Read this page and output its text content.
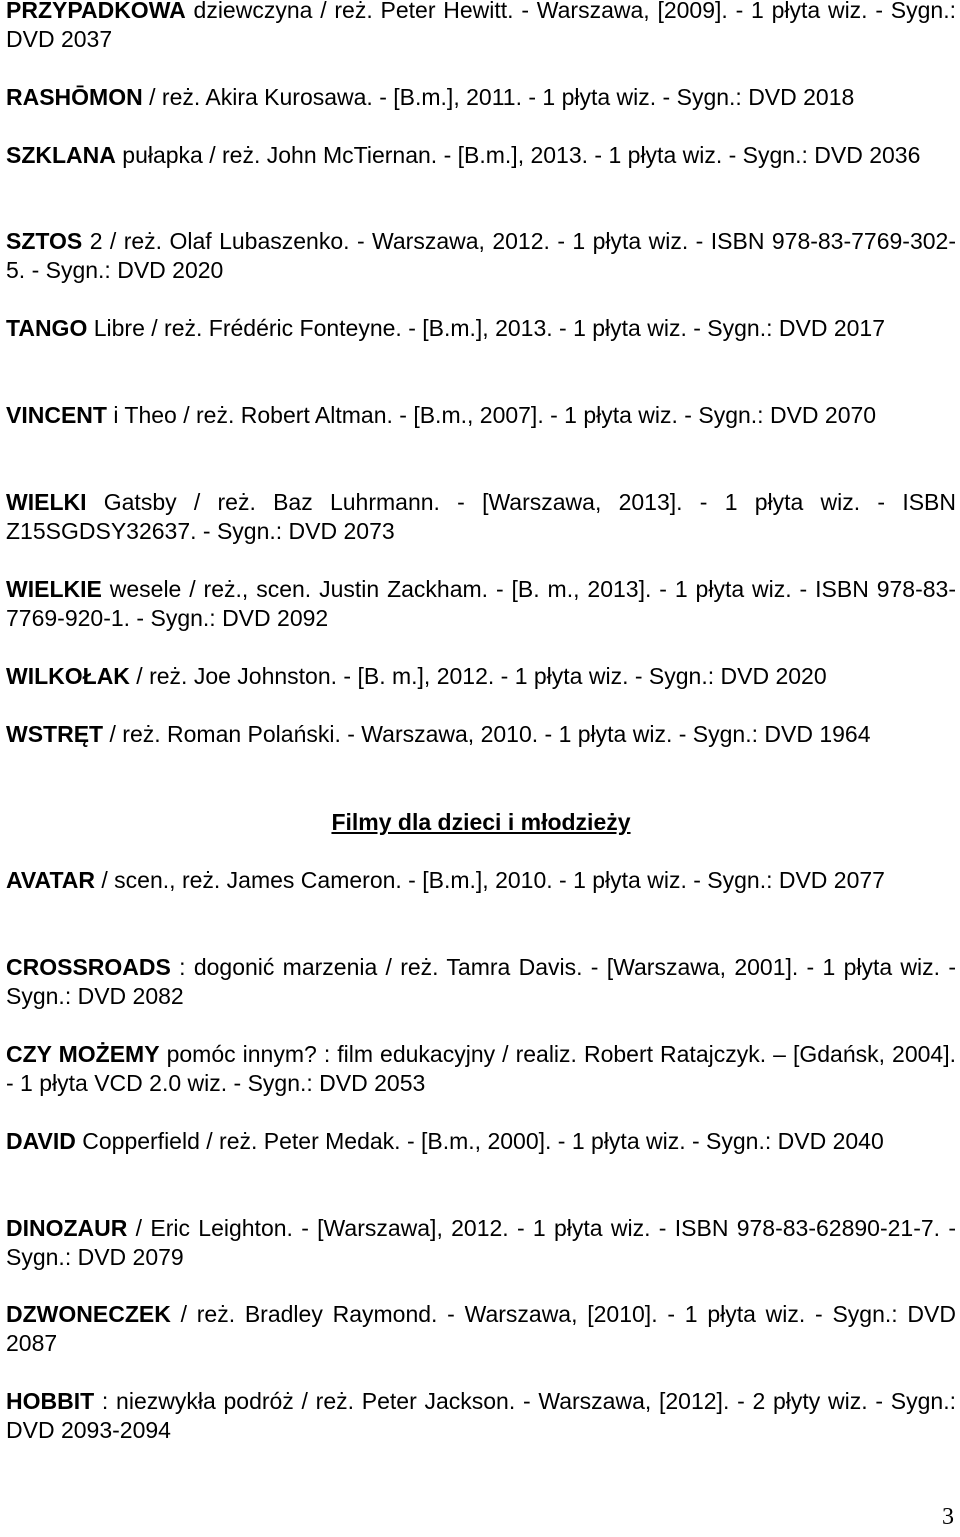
PRZYPADKOWA dziewczyna / reż. Peter Hewitt. - Warszawa, [2009]. - 1 płyta wiz. - Sygn.: DVD 2037

RASHŌMON / reż. Akira Kurosawa. - [B.m.], 2011. - 1 płyta wiz. - Sygn.: DVD 2018

SZKLANA pułapka / reż. John McTiernan. - [B.m.], 2013. - 1 płyta wiz. - Sygn.: DVD 2036

SZTOS 2 / reż. Olaf Lubaszenko. - Warszawa, 2012. - 1 płyta wiz. - ISBN 978-83-7769-302-5. - Sygn.: DVD 2020

TANGO Libre / reż. Frédéric Fonteyne. - [B.m.], 2013. - 1 płyta wiz. - Sygn.: DVD 2017

VINCENT i Theo / reż. Robert Altman. - [B.m., 2007]. - 1 płyta wiz. - Sygn.: DVD 2070

WIELKI Gatsby / reż. Baz Luhrmann. - [Warszawa, 2013]. - 1 płyta wiz. - ISBN Z15SGDSY32637. - Sygn.: DVD 2073

WIELKIE wesele / reż., scen. Justin Zackham. - [B. m., 2013]. - 1 płyta wiz. - ISBN 978-83-7769-920-1. - Sygn.: DVD 2092

WILKOŁAK / reż. Joe Johnston. - [B. m.], 2012. - 1 płyta wiz. - Sygn.: DVD 2020

WSTRĘT / reż. Roman Polański. - Warszawa, 2010. - 1 płyta wiz. - Sygn.: DVD 1964

Filmy dla dzieci i młodzieży

AVATAR / scen., reż. James Cameron. - [B.m.], 2010. - 1 płyta wiz. - Sygn.: DVD 2077

CROSSROADS : dogonić marzenia / reż. Tamra Davis. - [Warszawa, 2001]. - 1 płyta wiz. - Sygn.: DVD 2082

CZY MOŻEMY pomóc innym? : film edukacyjny / realiz. Robert Ratajczyk. – [Gdańsk, 2004]. - 1 płyta VCD 2.0 wiz. - Sygn.: DVD 2053

DAVID Copperfield / reż. Peter Medak. - [B.m., 2000]. - 1 płyta wiz. - Sygn.: DVD 2040

DINOZAUR / Eric Leighton. - [Warszawa], 2012. - 1 płyta wiz. - ISBN 978-83-62890-21-7. - Sygn.: DVD 2079

DZWONECZEK / reż. Bradley Raymond. - Warszawa, [2010]. - 1 płyta wiz. - Sygn.: DVD 2087

HOBBIT : niezwykła podróż / reż. Peter Jackson. - Warszawa, [2012]. - 2 płyty wiz. - Sygn.: DVD 2093-2094

3
